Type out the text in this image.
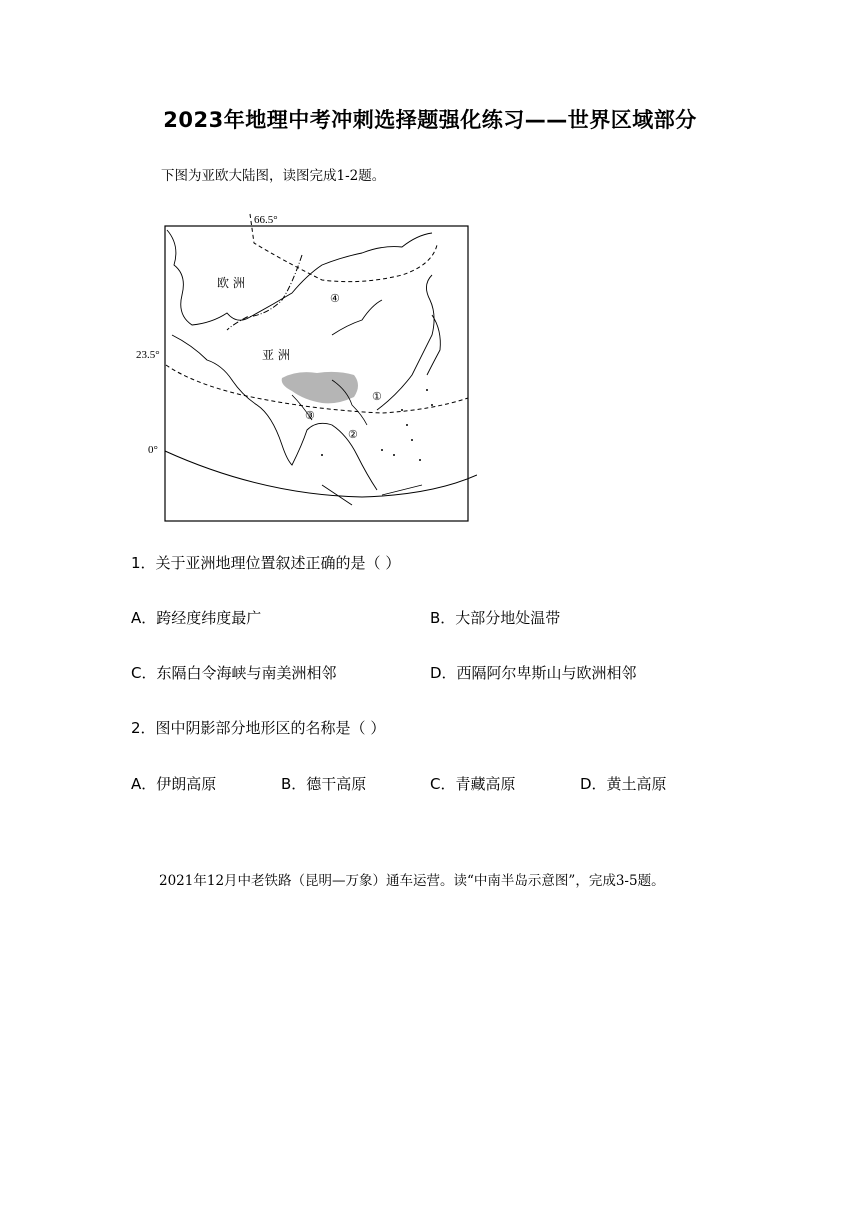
2023年地理中考冲刺选择题强化练习——世界区域部分
下图为亚欧大陆图，读图完成1-2题。
66.5°
23.5°
0°
欧 洲
亚 洲
①
②
③
④
1．关于亚洲地理位置叙述正确的是（ ）
A．跨经度纬度最广	B．大部分地处温带
C．东隔白令海峡与南美洲相邻	D．西隔阿尔卑斯山与欧洲相邻
2．图中阴影部分地形区的名称是（ ）
A．伊朗高原	B．德干高原	C．青藏高原	D．黄土高原
2021年12月中老铁路（昆明—万象）通车运营。读“中南半岛示意图”，完成3-5题。
